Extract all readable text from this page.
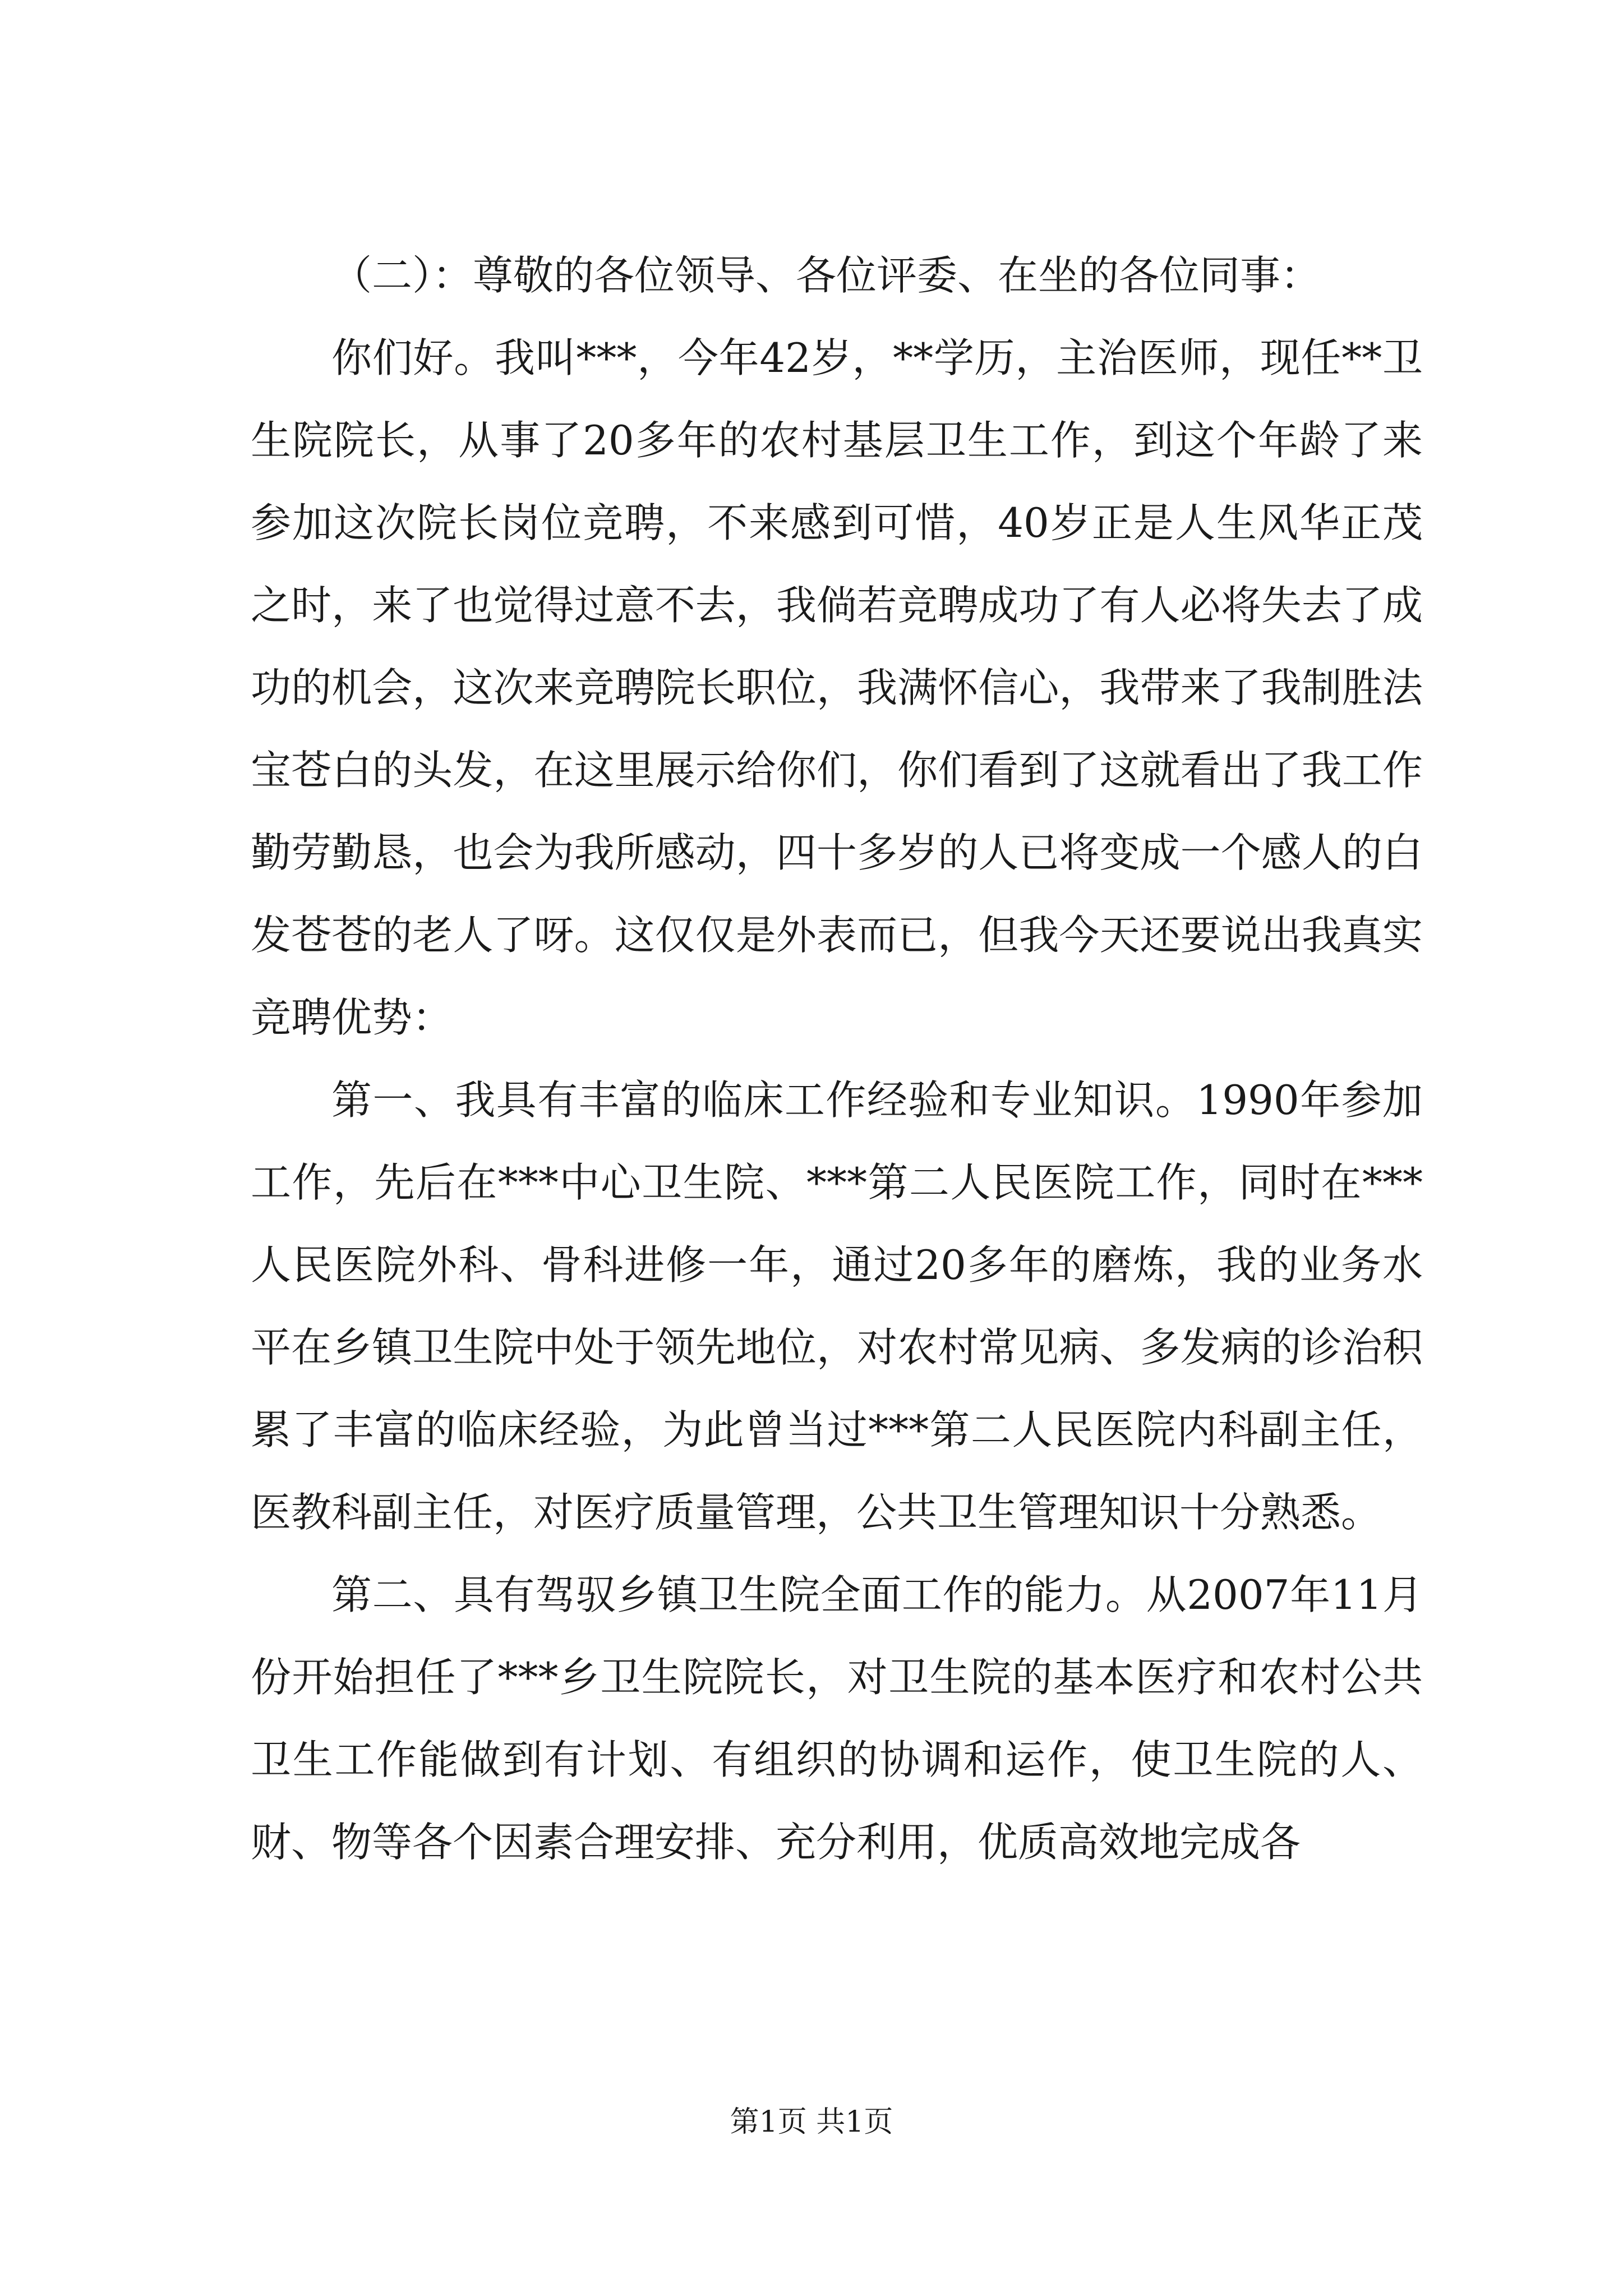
（二）：尊敬的各位领导、各位评委、在坐的各位同事：

你们好。我叫***，今年42岁，**学历，主治医师，现任**卫生院院长，从事了20多年的农村基层卫生工作，到这个年龄了来参加这次院长岗位竞聘，不来感到可惜，40岁正是人生风华正茂之时，来了也觉得过意不去，我倘若竞聘成功了有人必将失去了成功的机会，这次来竞聘院长职位，我满怀信心，我带来了我制胜法宝苍白的头发，在这里展示给你们，你们看到了这就看出了我工作勤劳勤恳，也会为我所感动，四十多岁的人已将变成一个感人的白发苍苍的老人了呀。这仅仅是外表而已，但我今天还要说出我真实竞聘优势：

第一、我具有丰富的临床工作经验和专业知识。1990年参加工作，先后在***中心卫生院、***第二人民医院工作，同时在***人民医院外科、骨科进修一年，通过20多年的磨炼，我的业务水平在乡镇卫生院中处于领先地位，对农村常见病、多发病的诊治积累了丰富的临床经验，为此曾当过***第二人民医院内科副主任，医教科副主任，对医疗质量管理，公共卫生管理知识十分熟悉。

第二、具有驾驭乡镇卫生院全面工作的能力。从2007年11月份开始担任了***乡卫生院院长，对卫生院的基本医疗和农村公共卫生工作能做到有计划、有组织的协调和运作，使卫生院的人、财、物等各个因素合理安排、充分利用，优质高效地完成各

第1页 共1页
